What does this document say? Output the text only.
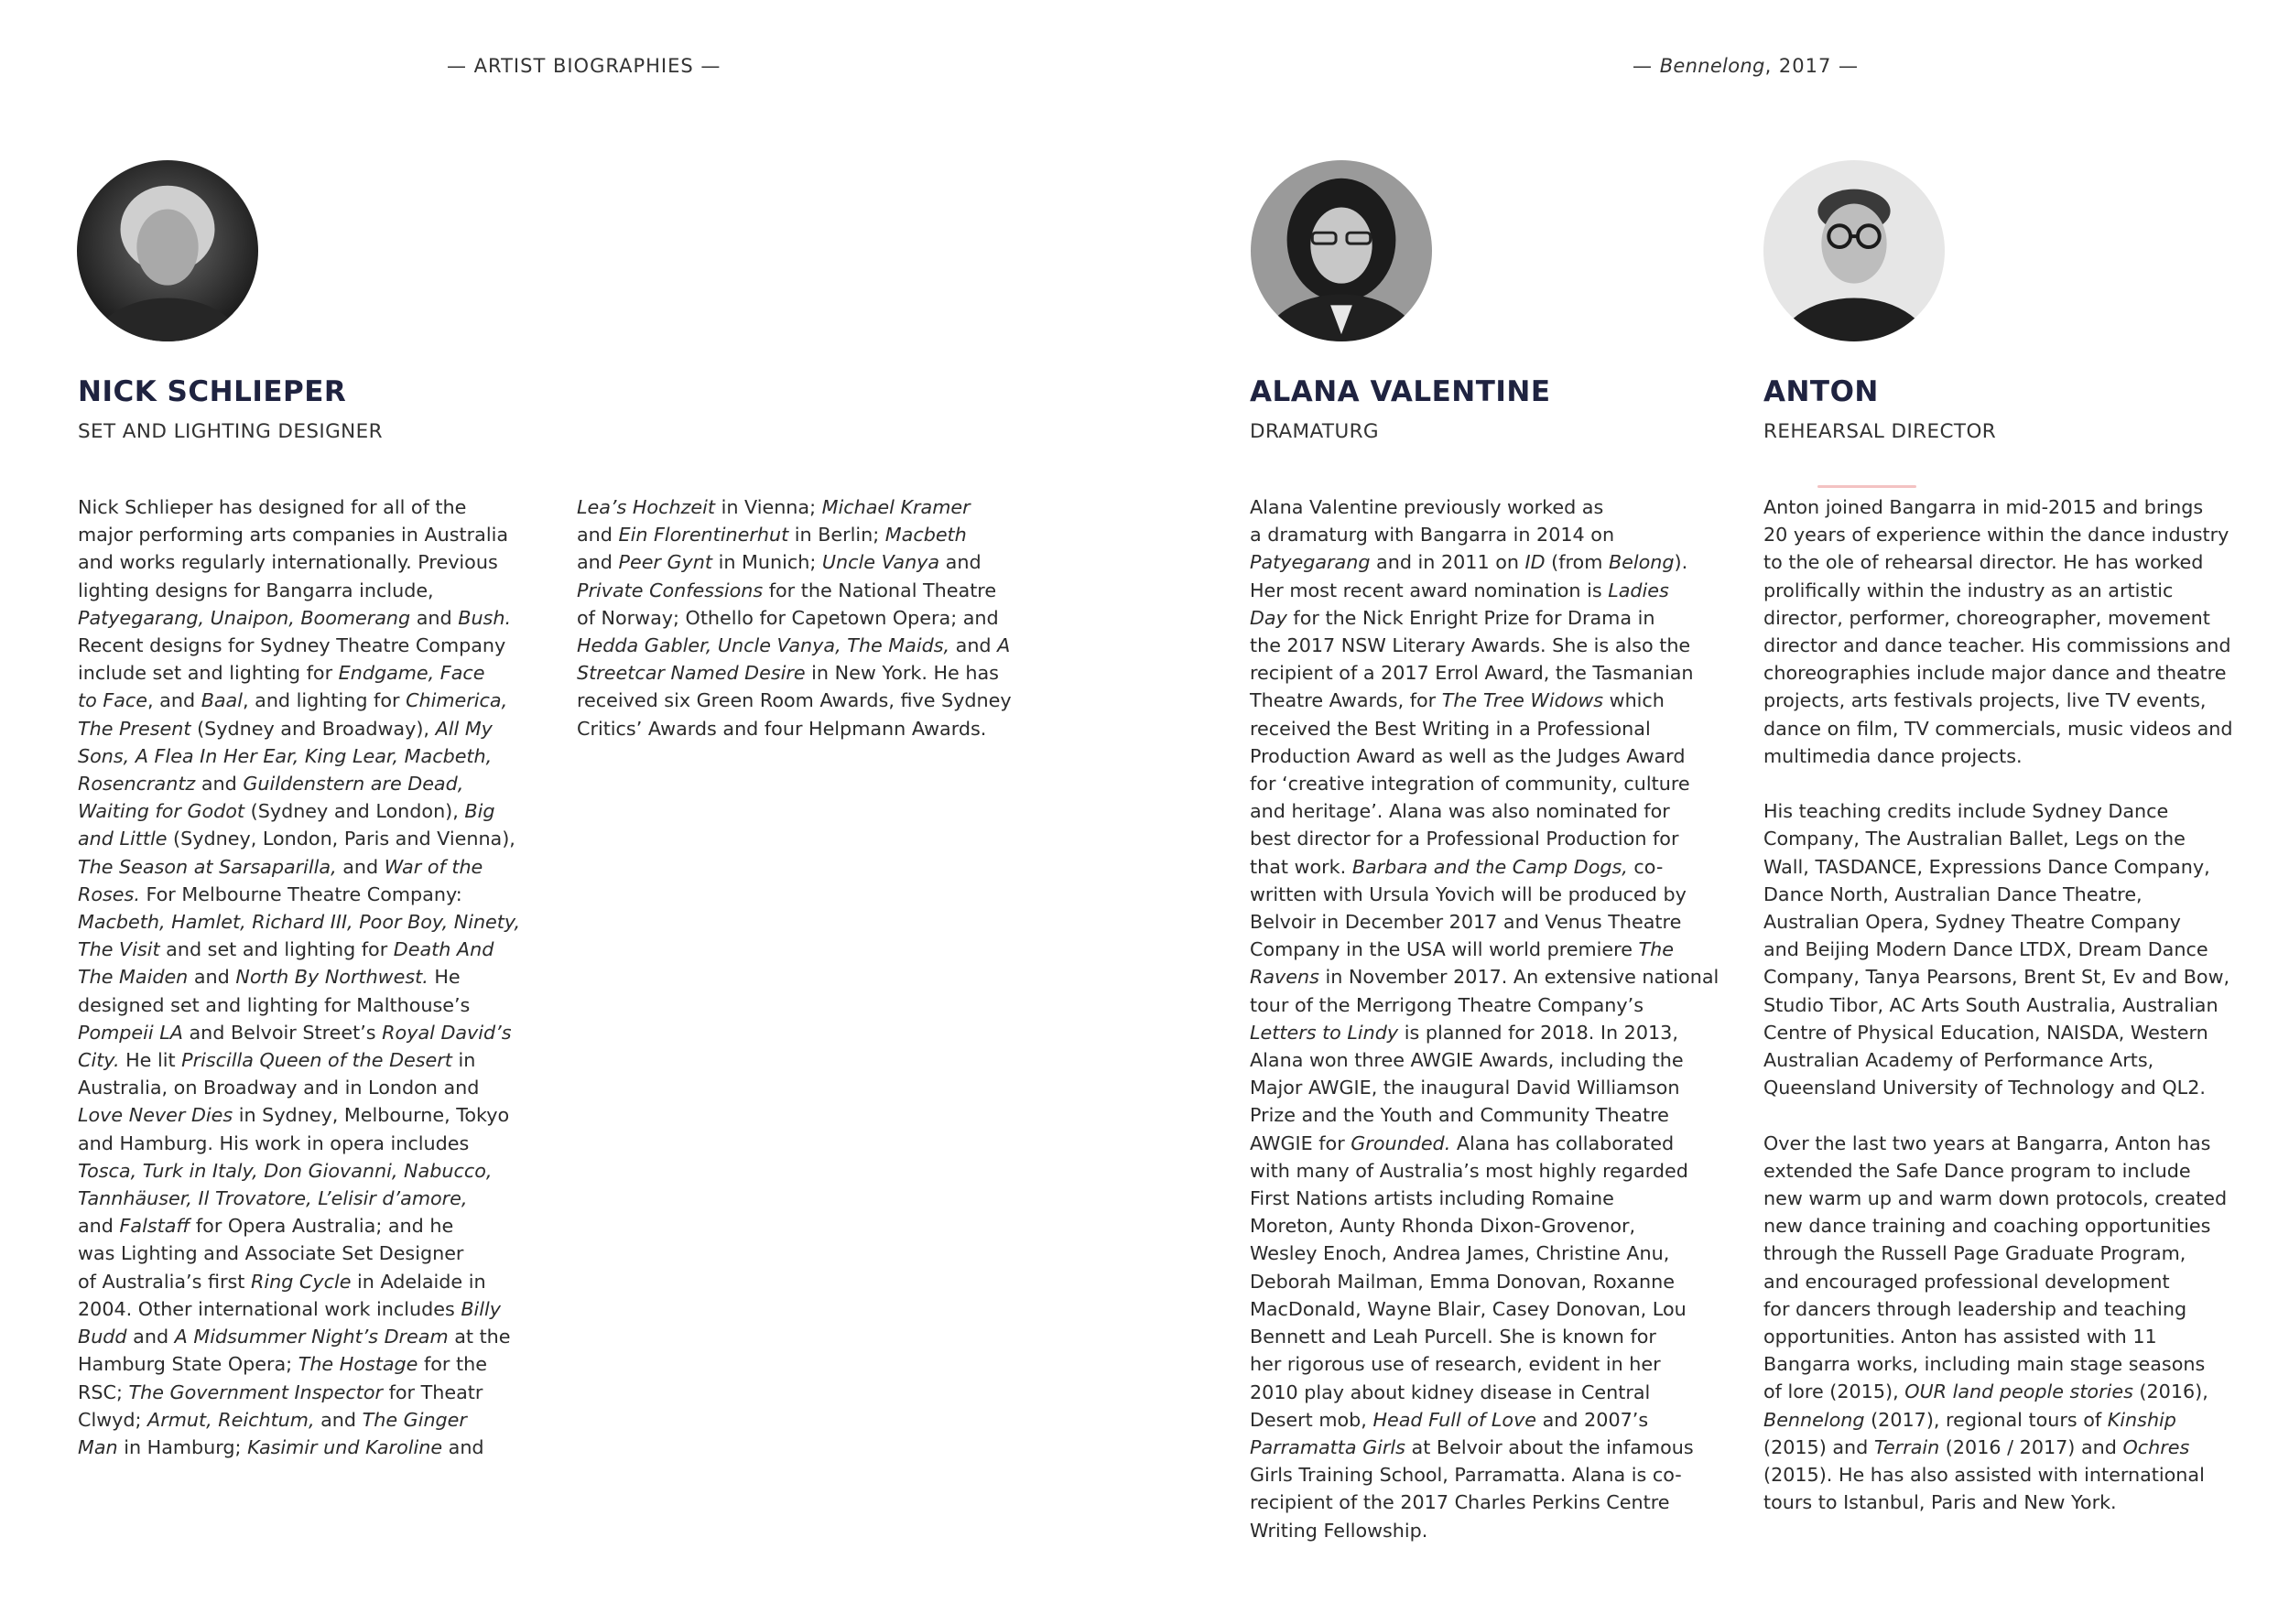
— ARTIST BIOGRAPHIES —	— Bennelong, 2017 —
NICK SCHLIEPER
SET AND LIGHTING DESIGNER
Nick Schlieper has designed for all of the
major performing arts companies in Australia
and works regularly internationally. Previous
lighting designs for Bangarra include,
Patyegarang, Unaipon, Boomerang and Bush.
Recent designs for Sydney Theatre Company
include set and lighting for Endgame, Face
to Face, and Baal, and lighting for Chimerica,
The Present (Sydney and Broadway), All My
Sons, A Flea In Her Ear, King Lear, Macbeth,
Rosencrantz and Guildenstern are Dead,
Waiting for Godot (Sydney and London), Big
and Little (Sydney, London, Paris and Vienna),
The Season at Sarsaparilla, and War of the
Roses. For Melbourne Theatre Company:
Macbeth, Hamlet, Richard III, Poor Boy, Ninety,
The Visit and set and lighting for Death And
The Maiden and North By Northwest. He
designed set and lighting for Malthouse’s
Pompeii LA and Belvoir Street’s Royal David’s
City. He lit Priscilla Queen of the Desert in
Australia, on Broadway and in London and
Love Never Dies in Sydney, Melbourne, Tokyo
and Hamburg. His work in opera includes
Tosca, Turk in Italy, Don Giovanni, Nabucco,
Tannhäuser, Il Trovatore, L’elisir d’amore,
and Falstaff for Opera Australia; and he
was Lighting and Associate Set Designer
of Australia’s first Ring Cycle in Adelaide in
2004. Other international work includes Billy
Budd and A Midsummer Night’s Dream at the
Hamburg State Opera; The Hostage for the
RSC; The Government Inspector for Theatr
Clwyd; Armut, Reichtum, and The Ginger
Man in Hamburg; Kasimir und Karoline and
Lea’s Hochzeit in Vienna; Michael Kramer
and Ein Florentinerhut in Berlin; Macbeth
and Peer Gynt in Munich; Uncle Vanya and
Private Confessions for the National Theatre
of Norway; Othello for Capetown Opera; and
Hedda Gabler, Uncle Vanya, The Maids, and A
Streetcar Named Desire in New York. He has
received six Green Room Awards, five Sydney
Critics’ Awards and four Helpmann Awards.
ALANA VALENTINE
DRAMATURG
Alana Valentine previously worked as
a dramaturg with Bangarra in 2014 on
Patyegarang and in 2011 on ID (from Belong).
Her most recent award nomination is Ladies
Day for the Nick Enright Prize for Drama in
the 2017 NSW Literary Awards. She is also the
recipient of a 2017 Errol Award, the Tasmanian
Theatre Awards, for The Tree Widows which
received the Best Writing in a Professional
Production Award as well as the Judges Award
for ‘creative integration of community, culture
and heritage’. Alana was also nominated for
best director for a Professional Production for
that work. Barbara and the Camp Dogs, co-
written with Ursula Yovich will be produced by
Belvoir in December 2017 and Venus Theatre
Company in the USA will world premiere The
Ravens in November 2017. An extensive national
tour of the Merrigong Theatre Company’s
Letters to Lindy is planned for 2018. In 2013,
Alana won three AWGIE Awards, including the
Major AWGIE, the inaugural David Williamson
Prize and the Youth and Community Theatre
AWGIE for Grounded. Alana has collaborated
with many of Australia’s most highly regarded
First Nations artists including Romaine
Moreton, Aunty Rhonda Dixon-Grovenor,
Wesley Enoch, Andrea James, Christine Anu,
Deborah Mailman, Emma Donovan, Roxanne
MacDonald, Wayne Blair, Casey Donovan, Lou
Bennett and Leah Purcell. She is known for
her rigorous use of research, evident in her
2010 play about kidney disease in Central
Desert mob, Head Full of Love and 2007’s
Parramatta Girls at Belvoir about the infamous
Girls Training School, Parramatta. Alana is co-
recipient of the 2017 Charles Perkins Centre
Writing Fellowship.
ANTON
REHEARSAL DIRECTOR
Anton joined Bangarra in mid-2015 and brings
20 years of experience within the dance industry
to the ole of rehearsal director. He has worked
prolifically within the industry as an artistic
director, performer, choreographer, movement
director and dance teacher. His commissions and
choreographies include major dance and theatre
projects, arts festivals projects, live TV events,
dance on film, TV commercials, music videos and
multimedia dance projects.
His teaching credits include Sydney Dance
Company, The Australian Ballet, Legs on the
Wall, TASDANCE, Expressions Dance Company,
Dance North, Australian Dance Theatre,
Australian Opera, Sydney Theatre Company
and Beijing Modern Dance LTDX, Dream Dance
Company, Tanya Pearsons, Brent St, Ev and Bow,
Studio Tibor, AC Arts South Australia, Australian
Centre of Physical Education, NAISDA, Western
Australian Academy of Performance Arts,
Queensland University of Technology and QL2.
Over the last two years at Bangarra, Anton has
extended the Safe Dance program to include
new warm up and warm down protocols, created
new dance training and coaching opportunities
through the Russell Page Graduate Program,
and encouraged professional development
for dancers through leadership and teaching
opportunities. Anton has assisted with 11
Bangarra works, including main stage seasons
of lore (2015), OUR land people stories (2016),
Bennelong (2017), regional tours of Kinship
(2015) and Terrain (2016 / 2017) and Ochres
(2015). He has also assisted with international
tours to Istanbul, Paris and New York.
